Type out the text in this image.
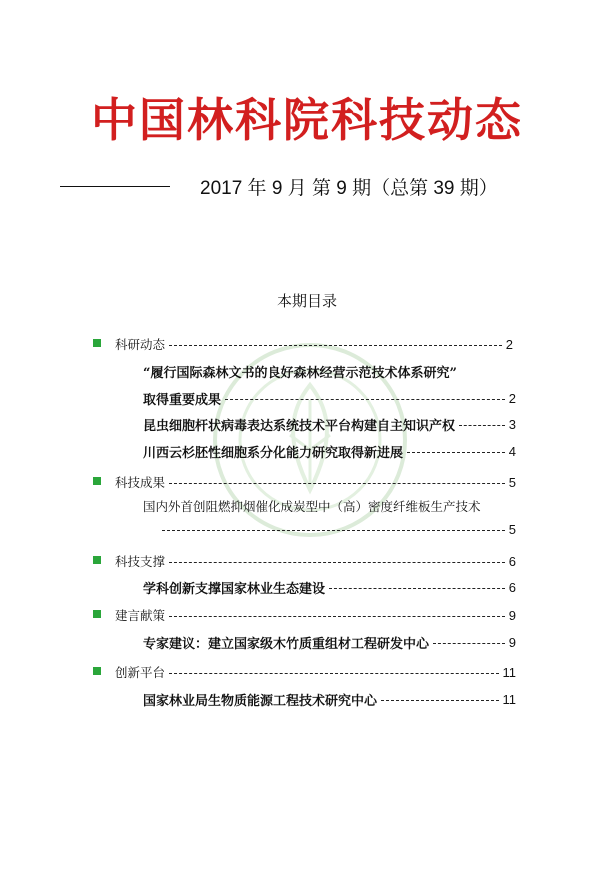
中国林科院科技动态
2017 年 9 月 第 9 期（总第 39 期）
本期目录
科研动态	2
“履行国际森林文书的良好森林经营示范技术体系研究”
取得重要成果	2
昆虫细胞杆状病毒表达系统技术平台构建自主知识产权	3
川西云杉胚性细胞系分化能力研究取得新进展	4
科技成果	5
国内外首创阻燃抑烟催化成炭型中（高）密度纤维板生产技术
5
科技支撑	6
学科创新支撑国家林业生态建设	6
建言献策	9
专家建议：建立国家级木竹质重组材工程研发中心	9
创新平台	11
国家林业局生物质能源工程技术研究中心	11
